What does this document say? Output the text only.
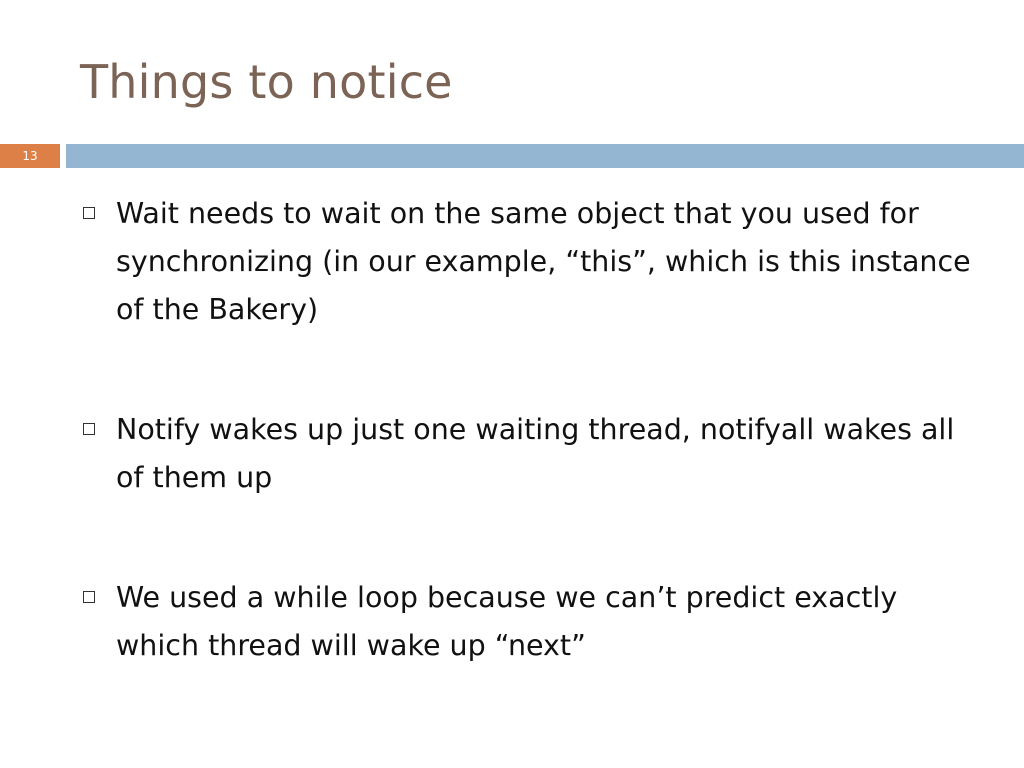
Things to notice
13
Wait needs to wait on the same object that you used for synchronizing (in our example, “this”, which is this instance of the Bakery)
Notify wakes up just one waiting thread, notifyall wakes all of them up
We used a while loop because we can’t predict exactly which thread will wake up “next”
